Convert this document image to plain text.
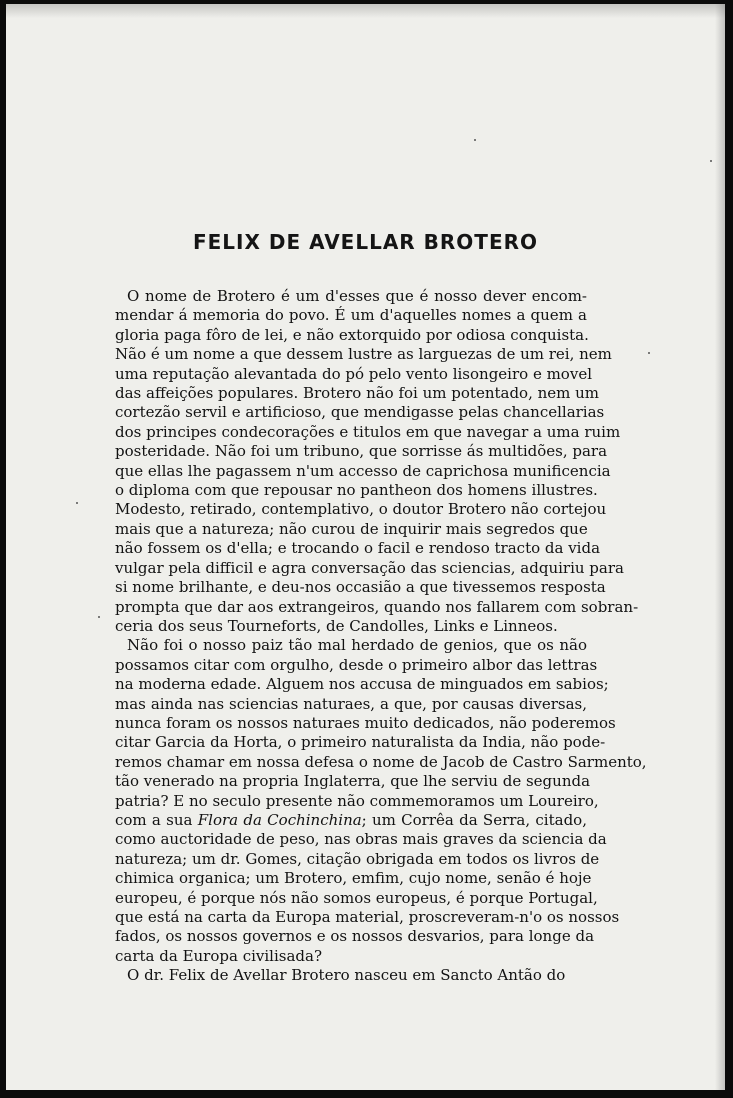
FELIX DE AVELLAR BROTERO
O nome de Brotero é um d'esses que é nosso dever encom-
mendar á memoria do povo. É um d'aquelles nomes a quem a
gloria paga fôro de lei, e não extorquido por odiosa conquista.
Não é um nome a que dessem lustre as larguezas de um rei, nem
uma reputação alevantada do pó pelo vento lisongeiro e movel
das affeições populares. Brotero não foi um potentado, nem um
cortezão servil e artificioso, que mendigasse pelas chancellarias
dos principes condecorações e titulos em que navegar a uma ruim
posteridade. Não foi um tribuno, que sorrisse ás multidões, para
que ellas lhe pagassem n'um accesso de caprichosa munificencia
o diploma com que repousar no pantheon dos homens illustres.
Modesto, retirado, contemplativo, o doutor Brotero não cortejou
mais que a natureza; não curou de inquirir mais segredos que
não fossem os d'ella; e trocando o facil e rendoso tracto da vida
vulgar pela difficil e agra conversação das sciencias, adquiriu para
si nome brilhante, e deu-nos occasião a que tivessemos resposta
prompta que dar aos extrangeiros, quando nos fallarem com sobran-
ceria dos seus Tourneforts, de Candolles, Links e Linneos.
Não foi o nosso paiz tão mal herdado de genios, que os não
possamos citar com orgulho, desde o primeiro albor das lettras
na moderna edade. Alguem nos accusa de minguados em sabios;
mas ainda nas sciencias naturaes, a que, por causas diversas,
nunca foram os nossos naturaes muito dedicados, não poderemos
citar Garcia da Horta, o primeiro naturalista da India, não pode-
remos chamar em nossa defesa o nome de Jacob de Castro Sarmento,
tão venerado na propria Inglaterra, que lhe serviu de segunda
patria? E no seculo presente não commemoramos um Loureiro,
com a sua Flora da Cochinchina; um Corrêa da Serra, citado,
como auctoridade de peso, nas obras mais graves da sciencia da
natureza; um dr. Gomes, citação obrigada em todos os livros de
chimica organica; um Brotero, emfim, cujo nome, senão é hoje
europeu, é porque nós não somos europeus, é porque Portugal,
que está na carta da Europa material, proscreveram-n'o os nossos
fados, os nossos governos e os nossos desvarios, para longe da
carta da Europa civilisada?
O dr. Felix de Avellar Brotero nasceu em Sancto Antão do
